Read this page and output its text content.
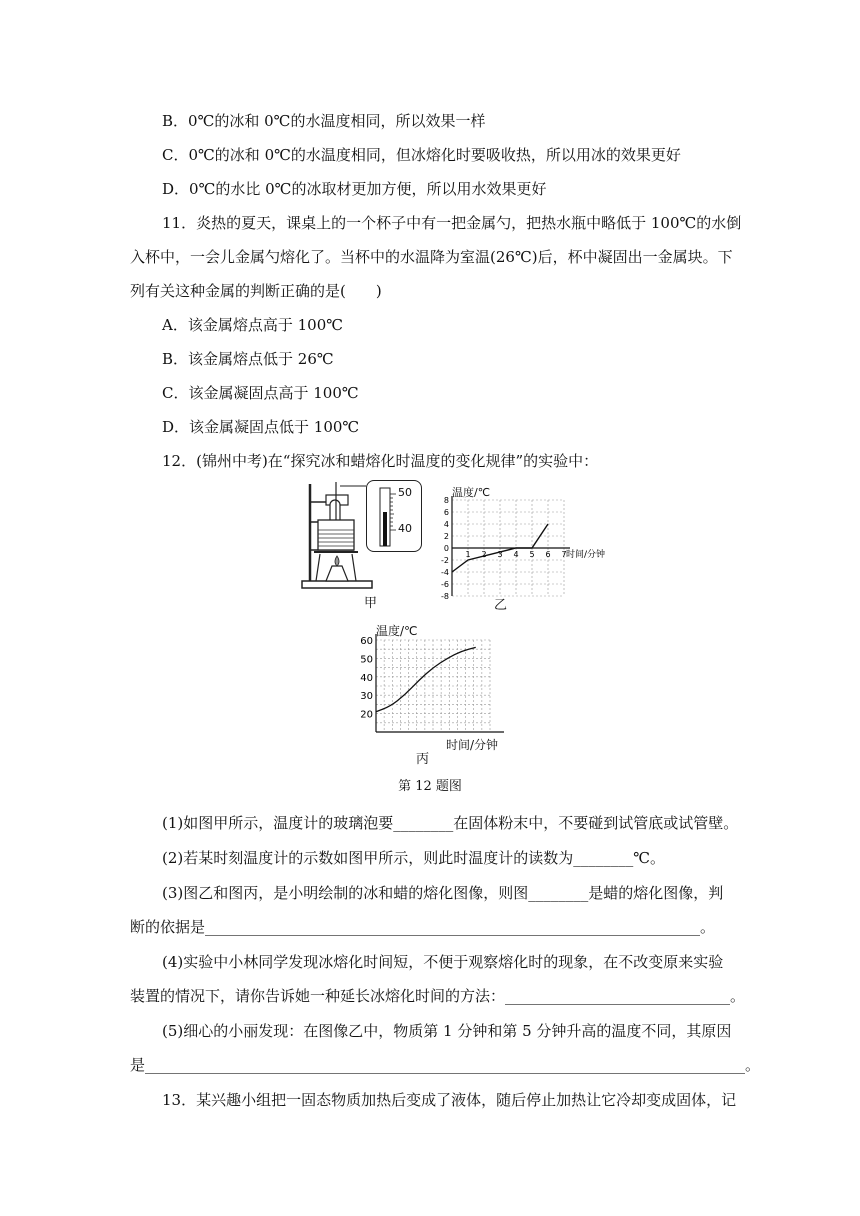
B．0℃的冰和 0℃的水温度相同，所以效果一样
C．0℃的冰和 0℃的水温度相同，但冰熔化时要吸收热，所以用冰的效果更好
D．0℃的水比 0℃的冰取材更加方便，所以用水效果更好
11．炎热的夏天，课桌上的一个杯子中有一把金属勺，把热水瓶中略低于 100℃的水倒
入杯中，一会儿金属勺熔化了。当杯中的水温降为室温(26℃)后，杯中凝固出一金属块。下
列有关这种金属的判断正确的是(　　)
A．该金属熔点高于 100℃
B．该金属熔点低于 26℃
C．该金属凝固点高于 100℃
D．该金属凝固点低于 100℃
12．(锦州中考)在“探究冰和蜡熔化时温度的变化规律”的实验中：
50
40
甲
温度/℃
8
6
4
2
0
-2
-4
-6
-8
1 2 3 4 5 6 7 时间/分钟
乙
温度/℃
60
50
40
30
20
时间/分钟
丙
第 12 题图
(1)如图甲所示，温度计的玻璃泡要________在固体粉末中，不要碰到试管底或试管壁。
(2)若某时刻温度计的示数如图甲所示，则此时温度计的读数为________℃。
(3)图乙和图丙，是小明绘制的冰和蜡的熔化图像，则图________是蜡的熔化图像，判
断的依据是__________________________________________________________________。
(4)实验中小林同学发现冰熔化时间短，不便于观察熔化时的现象，在不改变原来实验
装置的情况下，请你告诉她一种延长冰熔化时间的方法：______________________________。
(5)细心的小丽发现：在图像乙中，物质第 1 分钟和第 5 分钟升高的温度不同，其原因
是________________________________________________________________________________。
13．某兴趣小组把一固态物质加热后变成了液体，随后停止加热让它冷却变成固体，记
